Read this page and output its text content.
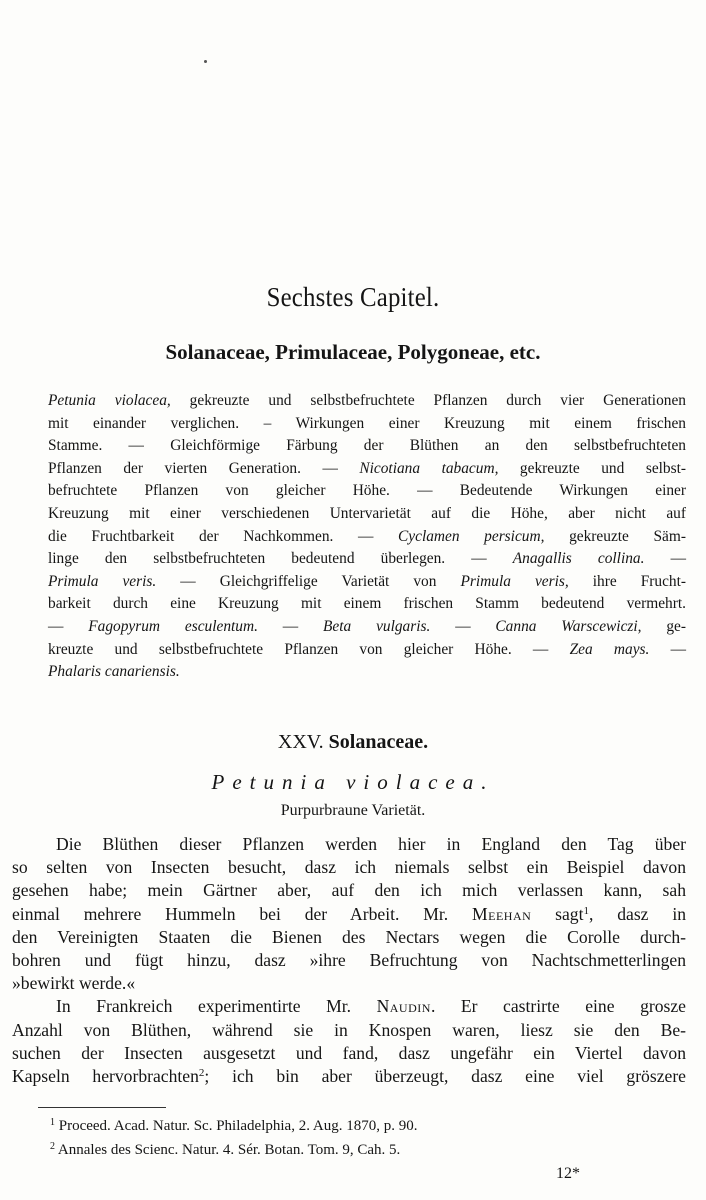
Sechstes Capitel.
Solanaceae, Primulaceae, Polygoneae, etc.
Petunia violacea, gekreuzte und selbstbefruchtete Pflanzen durch vier Generationen
mit einander verglichen. – Wirkungen einer Kreuzung mit einem frischen
Stamme. — Gleichförmige Färbung der Blüthen an den selbstbefruchteten
Pflanzen der vierten Generation. — Nicotiana tabacum, gekreuzte und selbst-
befruchtete Pflanzen von gleicher Höhe. — Bedeutende Wirkungen einer
Kreuzung mit einer verschiedenen Untervarietät auf die Höhe, aber nicht auf
die Fruchtbarkeit der Nachkommen. — Cyclamen persicum, gekreuzte Säm-
linge den selbstbefruchteten bedeutend überlegen. — Anagallis collina. —
Primula veris. — Gleichgriffelige Varietät von Primula veris, ihre Frucht-
barkeit durch eine Kreuzung mit einem frischen Stamm bedeutend vermehrt.
— Fagopyrum esculentum. — Beta vulgaris. — Canna Warscewiczi, ge-
kreuzte und selbstbefruchtete Pflanzen von gleicher Höhe. — Zea mays. —
Phalaris canariensis.
XXV. Solanaceae.
Petunia violacea.
Purpurbraune Varietät.
Die Blüthen dieser Pflanzen werden hier in England den Tag über
so selten von Insecten besucht, dasz ich niemals selbst ein Beispiel davon
gesehen habe; mein Gärtner aber, auf den ich mich verlassen kann, sah
einmal mehrere Hummeln bei der Arbeit. Mr. Meehan sagt$^1$, dasz in
den Vereinigten Staaten die Bienen des Nectars wegen die Corolle durch-
bohren und fügt hinzu, dasz »ihre Befruchtung von Nachtschmetterlingen
»bewirkt werde.«
In Frankreich experimentirte Mr. Naudin. Er castrirte eine grosze
Anzahl von Blüthen, während sie in Knospen waren, liesz sie den Be-
suchen der Insecten ausgesetzt und fand, dasz ungefähr ein Viertel davon
Kapseln hervorbrachten$^2$; ich bin aber überzeugt, dasz eine viel gröszere
$^1$ Proceed. Acad. Natur. Sc. Philadelphia, 2. Aug. 1870, p. 90.
$^2$ Annales des Scienc. Natur. 4. Sér. Botan. Tom. 9, Cah. 5.
12*
